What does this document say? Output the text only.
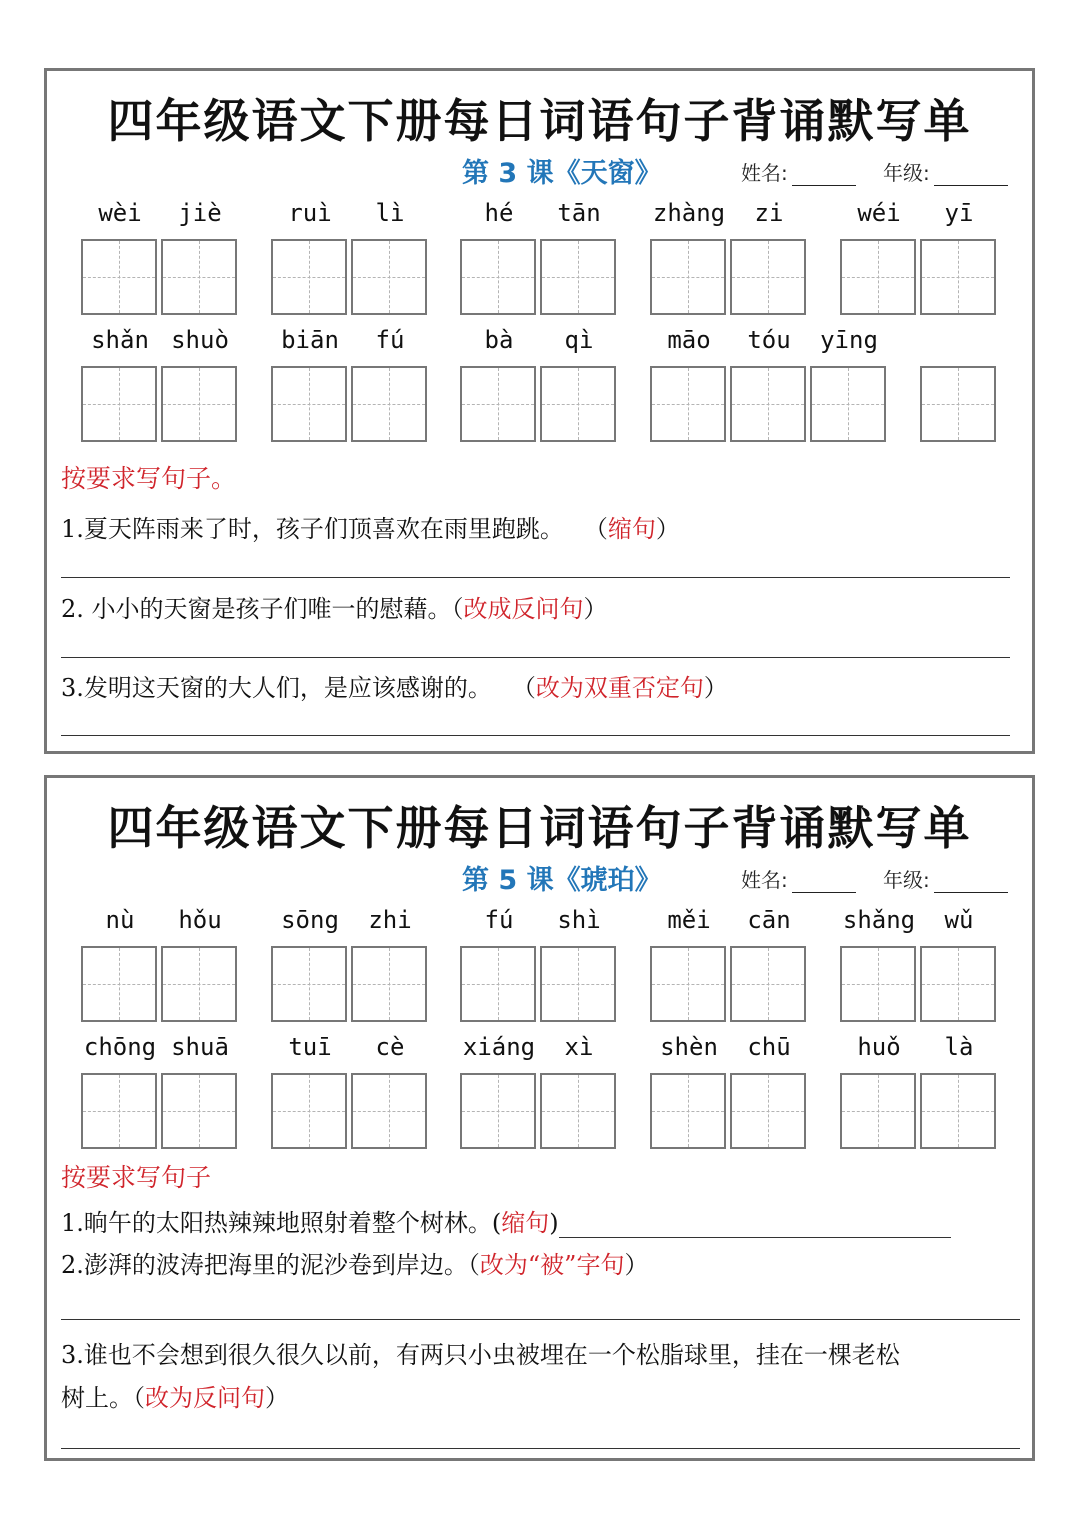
四年级语文下册每日词语句子背诵默写单
第 3 课《天窗》	姓名:	年级:
wèi	jiè	ruì	lì	hé	tān	zhàng	zi	wéi	yī
shǎn shuò	biān	fú	bà	qì	māo	tóu	yīng
按要求写句子。
1.夏天阵雨来了时，孩子们顶喜欢在雨里跑跳。 （缩句）
2. 小小的天窗是孩子们唯一的慰藉。（改成反问句）
3.发明这天窗的大人们，是应该感谢的。 （改为双重否定句）
四年级语文下册每日词语句子背诵默写单
第 5 课《琥珀》	姓名:	年级:
nù	hǒu	sōng	zhi	fú	shì	měi	cān	shǎng	wǔ
chōng shuā	tuī	cè	xiáng	xì	shèn	chū	huǒ	là
按要求写句子
1.晌午的太阳热辣辣地照射着整个树林。(缩句)
2.澎湃的波涛把海里的泥沙卷到岸边。（改为“被”字句）
3.谁也不会想到很久很久以前，有两只小虫被埋在一个松脂球里，挂在一棵老松
树上。（改为反问句）
